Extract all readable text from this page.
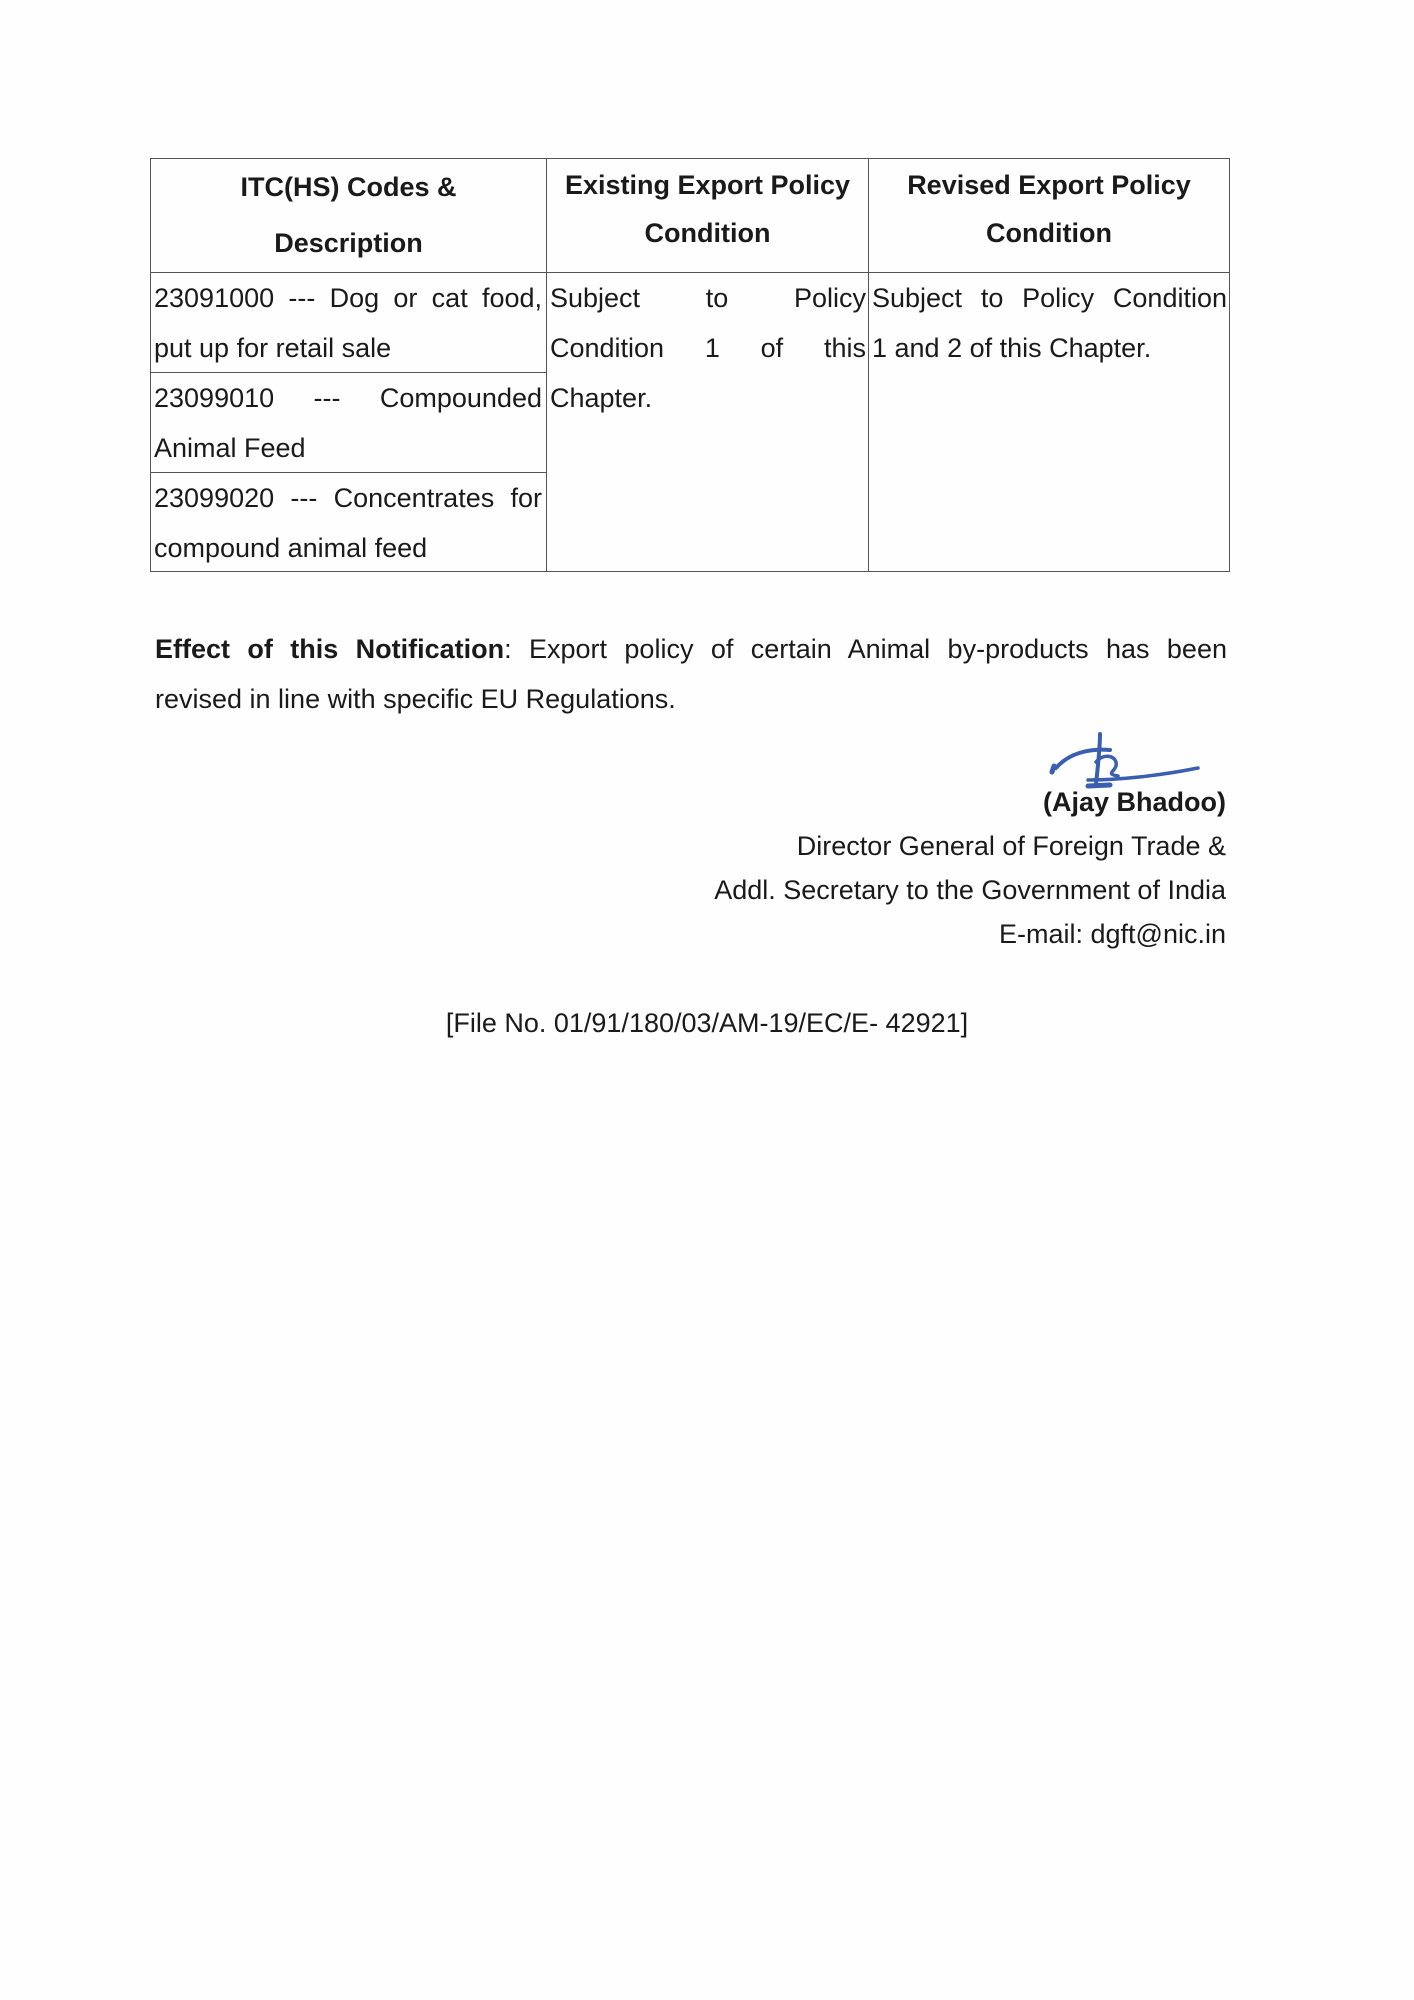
ITC(HS) Codes &
Description
23091000 --- Dog or cat food,
put up for retail sale
23099010 --- Compounded
Animal Feed
23099020 --- Concentrates for
compound animal feed
Existing Export Policy
Condition
Subject to Policy
Condition 1 of this
Chapter.
Revised Export Policy
Condition
Subject to Policy Condition
1 and 2 of this Chapter.
Effect of this Notification: Export policy of certain Animal by-products has been
revised in line with specific EU Regulations.
(Ajay Bhadoo)
Director General of Foreign Trade &
Addl. Secretary to the Government of India
E-mail: dgft@nic.in
[File No. 01/91/180/03/AM-19/EC/E- 42921]
